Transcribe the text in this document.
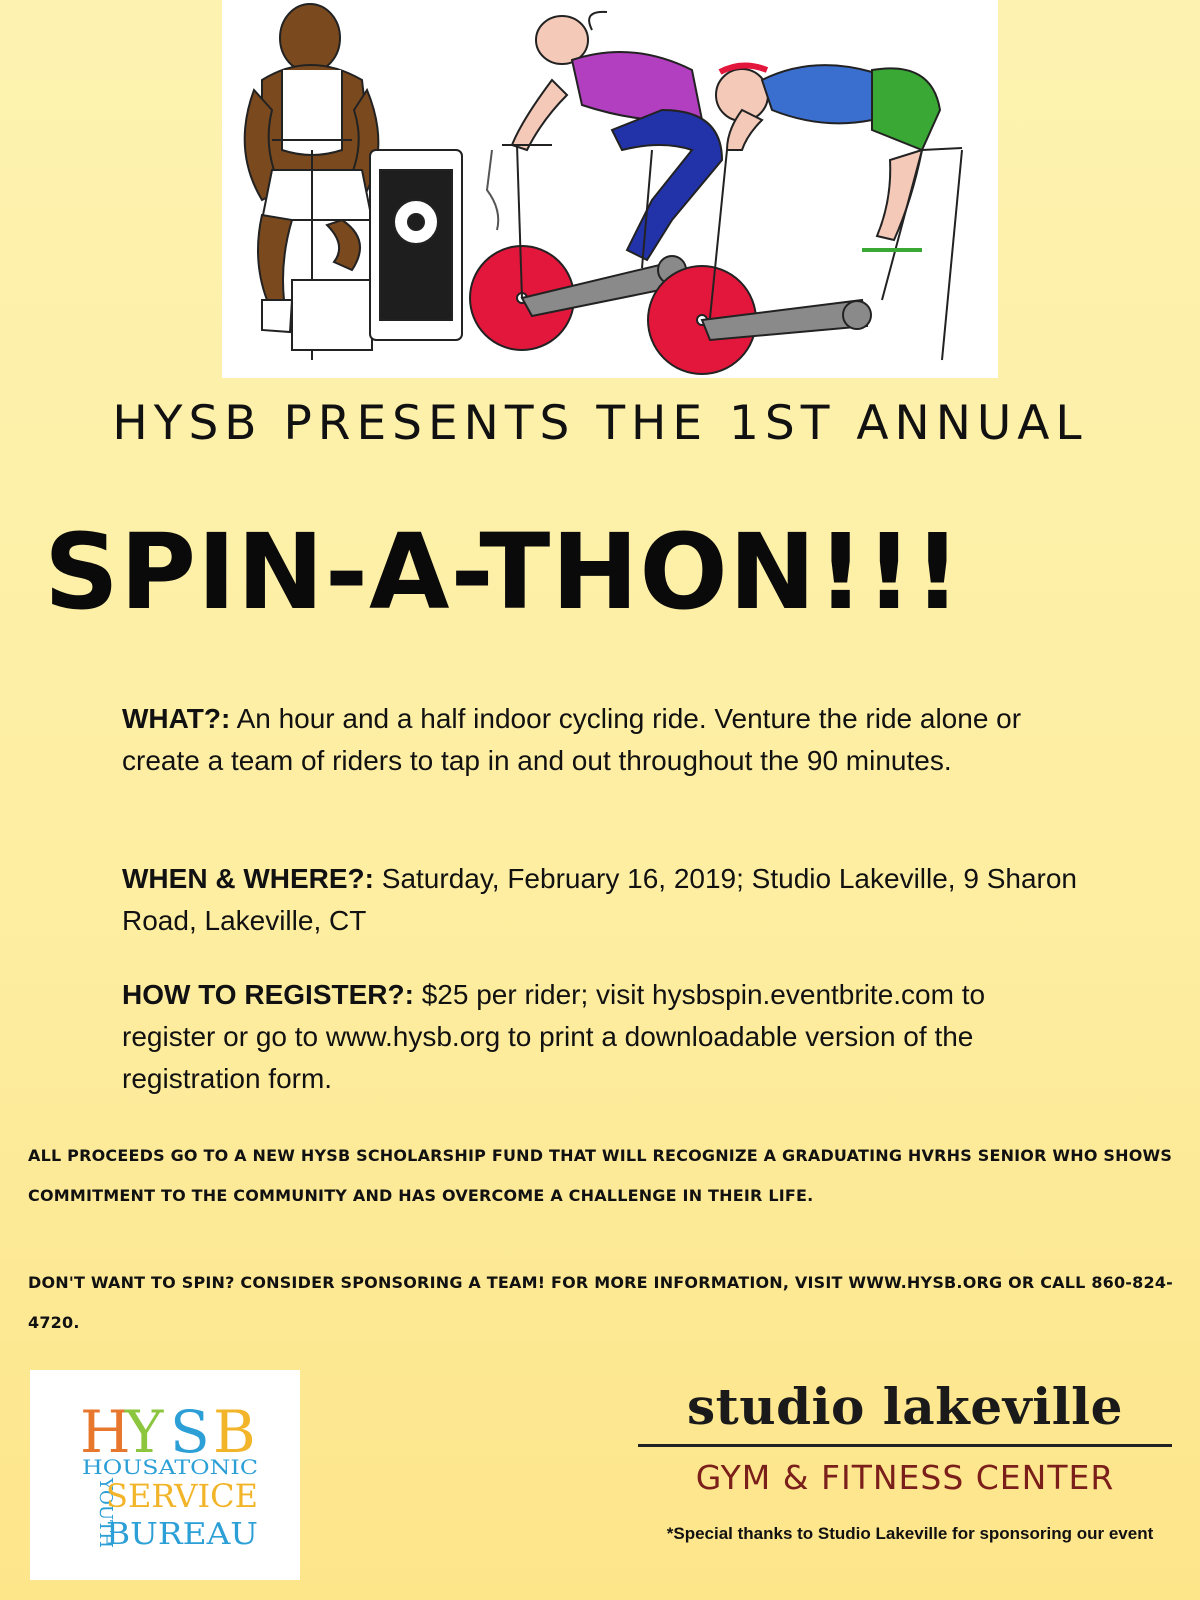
HYSB PRESENTS THE 1ST ANNUAL
SPIN-A-THON!!!
WHAT?: An hour and a half indoor cycling ride. Venture the ride alone or create a team of riders to tap in and out throughout the 90 minutes.
WHEN & WHERE?: Saturday, February 16, 2019; Studio Lakeville, 9 Sharon Road, Lakeville, CT
HOW TO REGISTER?: $25 per rider; visit hysbspin.eventbrite.com to register or go to www.hysb.org to print a downloadable version of the registration form.
ALL PROCEEDS GO TO A NEW HYSB SCHOLARSHIP FUND THAT WILL RECOGNIZE A GRADUATING HVRHS SENIOR WHO SHOWS COMMITMENT TO THE COMMUNITY AND HAS OVERCOME A CHALLENGE IN THEIR LIFE.
DON'T WANT TO SPIN? CONSIDER SPONSORING A TEAM! FOR MORE INFORMATION, VISIT WWW.HYSB.ORG OR CALL 860-824-4720.
H
Y S B
HOUSATONIC
YOUTH
SERVICE
BUREAU
studio lakeville
GYM & FITNESS CENTER
*Special thanks to Studio Lakeville for sponsoring our event
